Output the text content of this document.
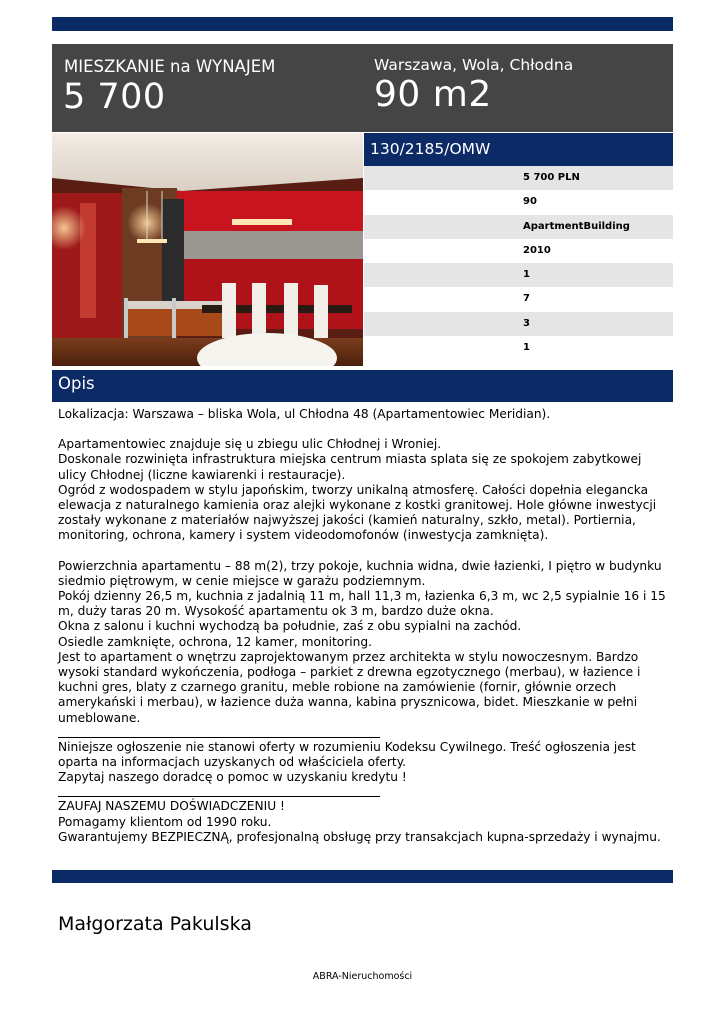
MIESZKANIE na WYNAJEM
5 700
Warszawa, Wola, Chłodna
90 m2
130/2185/OMW
5 700 PLN
90
ApartmentBuilding
2010
1
7
3
1
Opis

Lokalizacja: Warszawa – bliska Wola, ul Chłodna 48 (Apartamentowiec Meridian).

Apartamentowiec znajduje się u zbiegu ulic Chłodnej i Wroniej.

Doskonale rozwinięta infrastruktura miejska centrum miasta splata się ze spokojem zabytkowej ulicy Chłodnej (liczne kawiarenki i restauracje).

Ogród z wodospadem w stylu japońskim, tworzy unikalną atmosferę. Całości dopełnia elegancka elewacja z naturalnego kamienia oraz alejki wykonane z kostki granitowej. Hole główne inwestycji zostały wykonane z materiałów najwyższej jakości (kamień naturalny, szkło, metal). Portiernia, monitoring, ochrona, kamery i system videodomofonów (inwestycja zamknięta).

Powierzchnia apartamentu – 88 m(2), trzy pokoje, kuchnia widna, dwie łazienki, I piętro w budynku siedmio piętrowym, w cenie miejsce w garażu podziemnym.

Pokój dzienny 26,5 m, kuchnia z jadalnią 11 m, hall 11,3 m, łazienka 6,3 m, wc 2,5 sypialnie 16 i 15 m, duży taras 20 m. Wysokość apartamentu ok 3 m, bardzo duże okna.

Okna z salonu i kuchni wychodzą ba południe, zaś z obu sypialni na zachód.

Osiedle zamknięte, ochrona, 12 kamer, monitoring.

Jest to apartament o wnętrzu zaprojektowanym przez architekta w stylu nowoczesnym. Bardzo wysoki standard wykończenia, podłoga – parkiet z drewna egzotycznego (merbau), w łazience i kuchni gres, blaty z czarnego granitu, meble robione na zamówienie (fornir, głównie orzech amerykański i merbau), w łazience duża wanna, kabina prysznicowa, bidet. Mieszkanie w pełni umeblowane.

Niniejsze ogłoszenie nie stanowi oferty w rozumieniu Kodeksu Cywilnego. Treść ogłoszenia jest oparta na informacjach uzyskanych od właściciela oferty.

Zapytaj naszego doradcę o pomoc w uzyskaniu kredytu !

ZAUFAJ NASZEMU DOŚWIADCZENIU !

Pomagamy klientom od 1990 roku.

Gwarantujemy BEZPIECZNĄ, profesjonalną obsługę przy transakcjach kupna-sprzedaży i wynajmu.

Małgorzata Pakulska
ABRA-Nieruchomości
